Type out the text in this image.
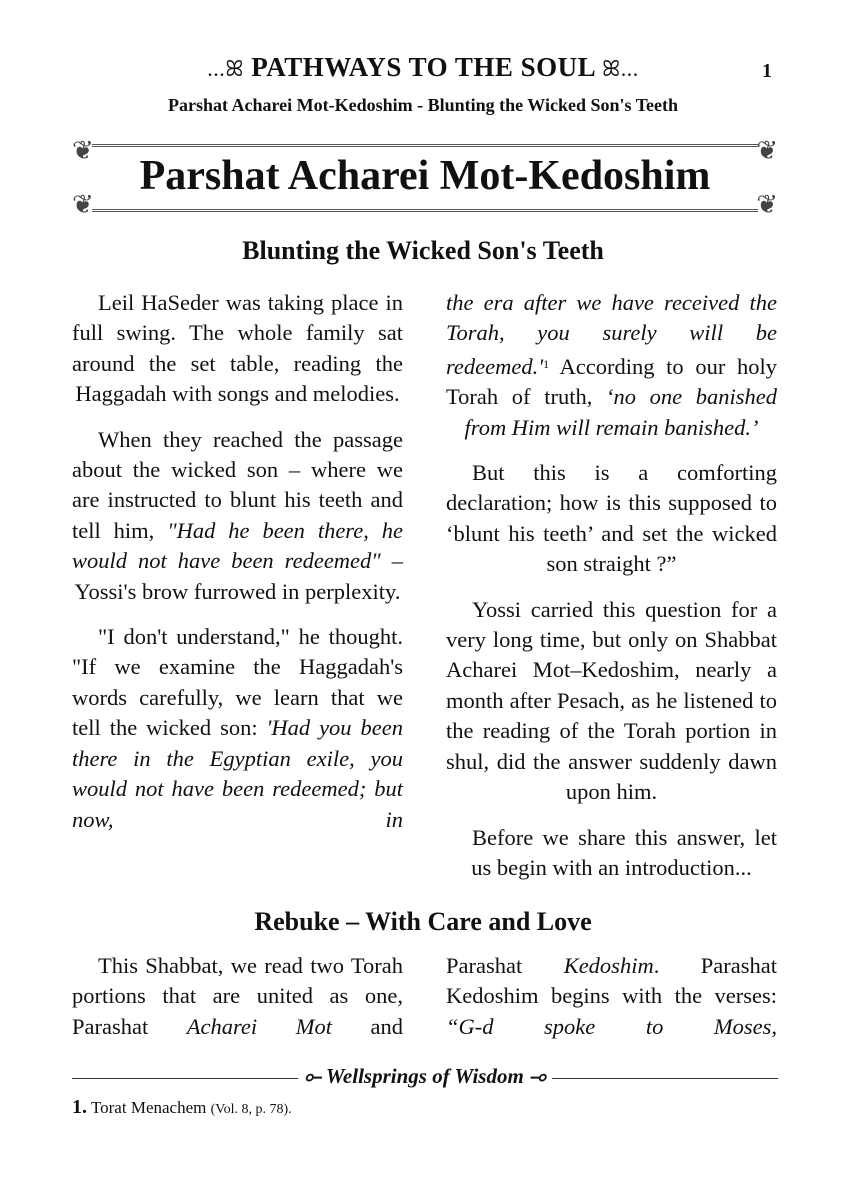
...ꕤ PATHWAYS TO THE SOUL ꕤ...	1
Parshat Acharei Mot-Kedoshim - Blunting the Wicked Son's Teeth
❦	❦
❦	❦
Parshat Acharei Mot-Kedoshim
Blunting the Wicked Son's Teeth

Leil HaSeder was taking place in full swing. The whole family sat around the set table, reading the Haggadah with songs and melodies.

When they reached the passage about the wicked son – where we are instructed to blunt his teeth and tell him, "Had he been there, he would not have been redeemed" – Yossi's brow furrowed in perplexity.

"I don't understand," he thought. "If we examine the Haggadah's words carefully, we learn that we tell the wicked son: 'Had you been there in the Egyptian exile, you would not have been redeemed; but now, in

the era after we have received the Torah, you surely will be $redeemed.'^1$ According to our holy Torah of truth, ‘no one banished from Him will remain banished.’

But this is a comforting declaration; how is this supposed to ‘blunt his teeth’ and set the wicked son straight ?”

Yossi carried this question for a very long time, but only on Shabbat Acharei Mot–Kedoshim, nearly a month after Pesach, as he listened to the reading of the Torah portion in shul, did the answer suddenly dawn upon him.

Before we share this answer, let us begin with an introduction...

Rebuke – With Care and Love

This Shabbat, we read two Torah portions that are united as one, Parashat Acharei Mot and

Parashat Kedoshim. Parashat Kedoshim begins with the verses: “G-d spoke to Moses,

⟜ Wellsprings of Wisdom ⊸
1. Torat Menachem (Vol. 8, p. 78).
